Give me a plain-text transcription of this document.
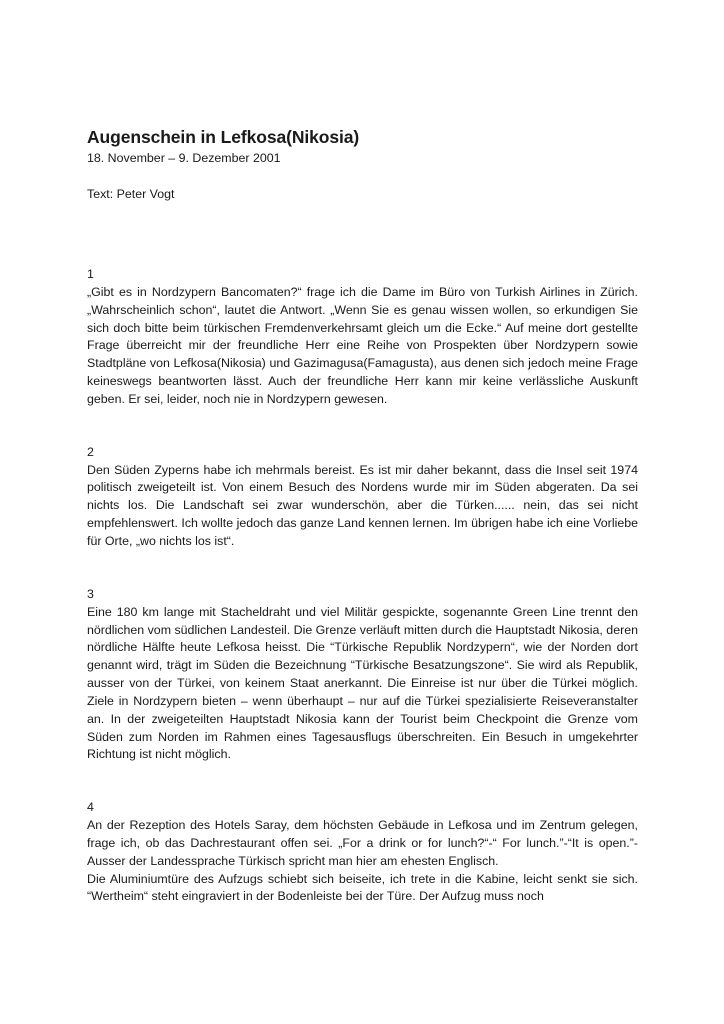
Augenschein in Lefkosa(Nikosia)
18. November – 9. Dezember 2001
Text: Peter Vogt
1

„Gibt es in Nordzypern Bancomaten?“ frage ich die Dame im Büro von Turkish Airlines in Zürich. „Wahrscheinlich schon“, lautet die Antwort. „Wenn Sie es genau wissen wollen, so erkundigen Sie sich doch bitte beim türkischen Fremdenverkehrsamt gleich um die Ecke.“ Auf meine dort gestellte Frage überreicht mir der freundliche Herr eine Reihe von Prospekten über Nordzypern sowie Stadtpläne von Lefkosa(Nikosia) und Gazimagusa(Famagusta), aus denen sich jedoch meine Frage keineswegs beantworten lässt. Auch der freundliche Herr kann mir keine verlässliche Auskunft geben. Er sei, leider, noch nie in Nordzypern gewesen.

2

Den Süden Zyperns habe ich mehrmals bereist. Es ist mir daher bekannt, dass die Insel seit 1974 politisch zweigeteilt ist. Von einem Besuch des Nordens wurde mir im Süden abgeraten. Da sei nichts los. Die Landschaft sei zwar wunderschön, aber die Türken...... nein, das sei nicht empfehlenswert. Ich wollte jedoch das ganze Land kennen lernen. Im übrigen habe ich eine Vorliebe für Orte, „wo nichts los ist“.

3

Eine 180 km lange mit Stacheldraht und viel Militär gespickte, sogenannte Green Line trennt den nördlichen vom südlichen Landesteil. Die Grenze verläuft mitten durch die Hauptstadt Nikosia, deren nördliche Hälfte heute Lefkosa heisst. Die “Türkische Republik Nordzypern“, wie der Norden dort genannt wird, trägt im Süden die Bezeichnung “Türkische Besatzungszone“. Sie wird als Republik, ausser von der Türkei, von keinem Staat anerkannt. Die Einreise ist nur über die Türkei möglich. Ziele in Nordzypern bieten – wenn überhaupt – nur auf die Türkei spezialisierte Reiseveranstalter an. In der zweigeteilten Hauptstadt Nikosia kann der Tourist beim Checkpoint die Grenze vom Süden zum Norden im Rahmen eines Tagesausflugs überschreiten. Ein Besuch in umgekehrter Richtung ist nicht möglich.

4

An der Rezeption des Hotels Saray, dem höchsten Gebäude in Lefkosa und im Zentrum gelegen, frage ich, ob das Dachrestaurant offen sei. „For a drink or for lunch?“-“ For lunch.”-“It is open.”- Ausser der Landessprache Türkisch spricht man hier am ehesten Englisch.

Die Aluminiumtüre des Aufzugs schiebt sich beiseite, ich trete in die Kabine, leicht senkt sie sich. “Wertheim“ steht eingraviert in der Bodenleiste bei der Türe. Der Aufzug muss noch
